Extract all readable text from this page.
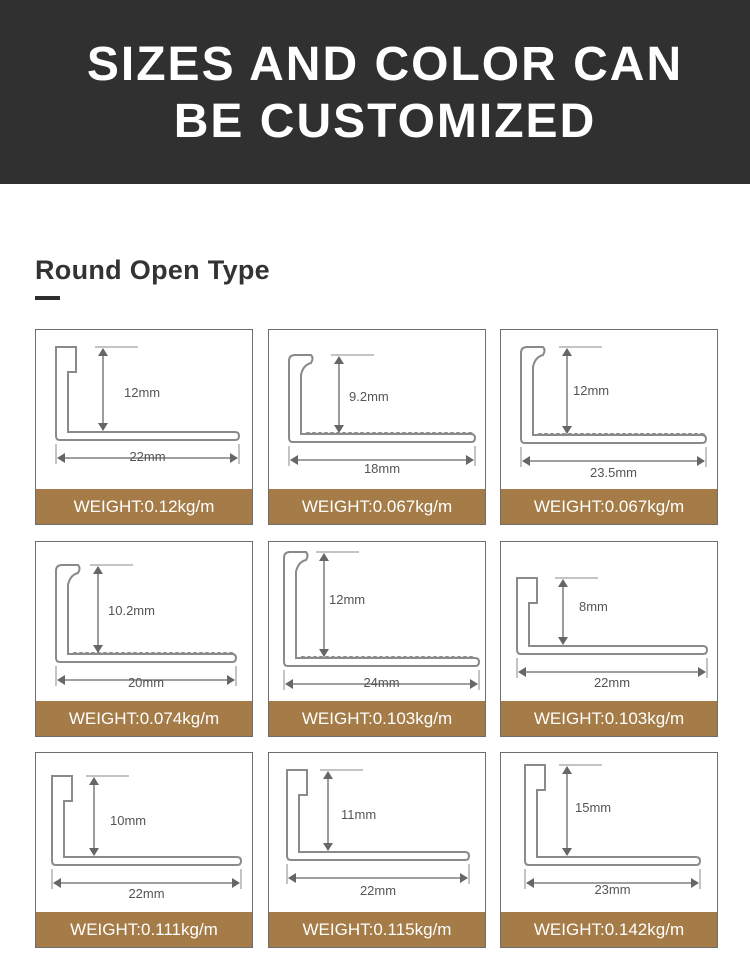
SIZES AND COLOR CAN
BE CUSTOMIZED
Round Open Type
12mm
22mm
WEIGHT:0.12kg/m
9.2mm
18mm
WEIGHT:0.067kg/m
12mm
23.5mm
WEIGHT:0.067kg/m
10.2mm
20mm
WEIGHT:0.074kg/m
12mm
24mm
WEIGHT:0.103kg/m
8mm
22mm
WEIGHT:0.103kg/m
10mm
22mm
WEIGHT:0.111kg/m
11mm
22mm
WEIGHT:0.115kg/m
15mm
23mm
WEIGHT:0.142kg/m
